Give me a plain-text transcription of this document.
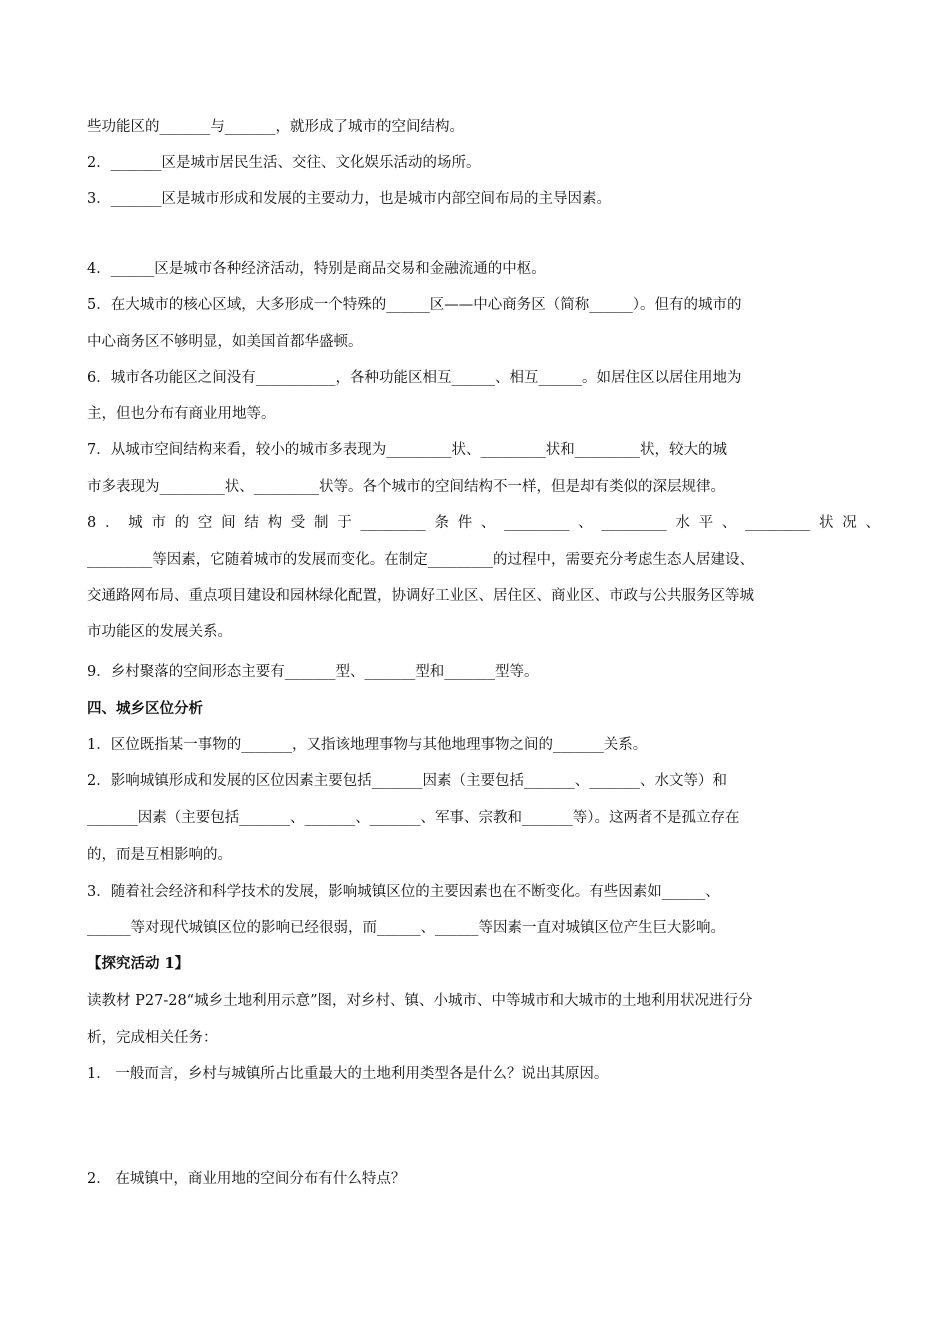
些功能区的_______与_______，就形成了城市的空间结构。
2．_______区是城市居民生活、交往、文化娱乐活动的场所。
3．_______区是城市形成和发展的主要动力，也是城市内部空间布局的主导因素。
4．______区是城市各种经济活动，特别是商品交易和金融流通的中枢。
5．在大城市的核心区域，大多形成一个特殊的______区——中心商务区（简称______）。但有的城市的
中心商务区不够明显，如美国首都华盛顿。
6．城市各功能区之间没有___________，各种功能区相互______、相互______。如居住区以居住用地为
主，但也分布有商业用地等。
7．从城市空间结构来看，较小的城市多表现为_________状、_________状和_________状，较大的城
市多表现为_________状、_________状等。各个城市的空间结构不一样，但是却有类似的深层规律。
8．城市的空间结构受制于_________条件、_________、_________水平、_________状况、
_________等因素，它随着城市的发展而变化。在制定_________的过程中，需要充分考虑生态人居建设、
交通路网布局、重点项目建设和园林绿化配置，协调好工业区、居住区、商业区、市政与公共服务区等城
市功能区的发展关系。
9．乡村聚落的空间形态主要有_______型、_______型和_______型等。
四、城乡区位分析
1．区位既指某一事物的_______，又指该地理事物与其他地理事物之间的_______关系。
2．影响城镇形成和发展的区位因素主要包括_______因素（主要包括_______、_______、水文等）和
_______因素（主要包括_______、_______、_______、军事、宗教和_______等）。这两者不是孤立存在
的，而是互相影响的。
3．随着社会经济和科学技术的发展，影响城镇区位的主要因素也在不断变化。有些因素如______、
______等对现代城镇区位的影响已经很弱，而______、______等因素一直对城镇区位产生巨大影响。
【探究活动 1】
读教材 P27-28“城乡土地利用示意”图，对乡村、镇、小城市、中等城市和大城市的土地利用状况进行分
析，完成相关任务：
1． 一般而言，乡村与城镇所占比重最大的土地利用类型各是什么？说出其原因。
2． 在城镇中，商业用地的空间分布有什么特点？
